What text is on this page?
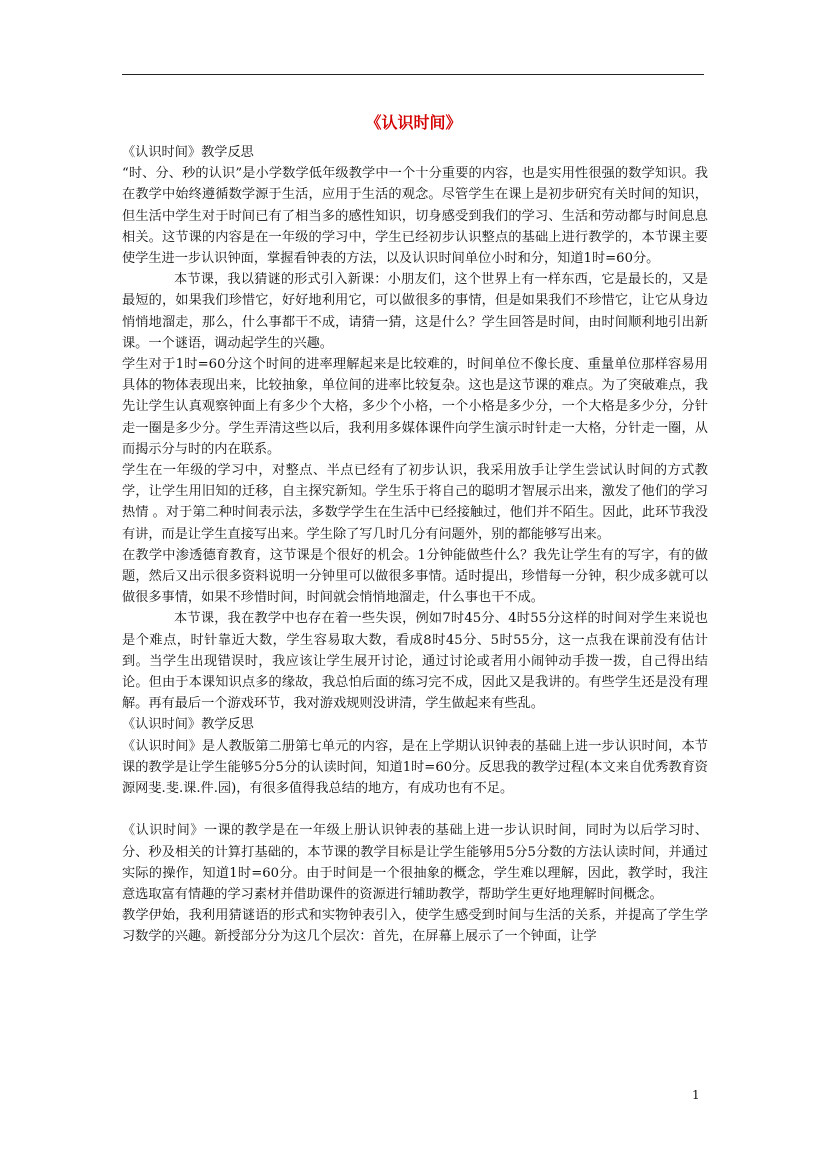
《认识时间》

《认识时间》教学反思

“时、分、秒的认识”是小学数学低年级教学中一个十分重要的内容，也是实用性很强的数学知识。我在教学中始终遵循数学源于生活，应用于生活的观念。尽管学生在课上是初步研究有关时间的知识，但生活中学生对于时间已有了相当多的感性知识，切身感受到我们的学习、生活和劳动都与时间息息相关。这节课的内容是在一年级的学习中，学生已经初步认识整点的基础上进行教学的，本节课主要使学生进一步认识钟面，掌握看钟表的方法，以及认识时间单位小时和分，知道1时=60分。

本节课，我以猜谜的形式引入新课：小朋友们，这个世界上有一样东西，它是最长的，又是最短的，如果我们珍惜它，好好地利用它，可以做很多的事情，但是如果我们不珍惜它，让它从身边悄悄地溜走，那么，什么事都干不成，请猜一猜，这是什么？学生回答是时间，由时间顺利地引出新课。一个谜语，调动起学生的兴趣。

学生对于1时=60分这个时间的进率理解起来是比较难的，时间单位不像长度、重量单位那样容易用具体的物体表现出来，比较抽象，单位间的进率比较复杂。这也是这节课的难点。为了突破难点，我先让学生认真观察钟面上有多少个大格，多少个小格，一个小格是多少分，一个大格是多少分，分针走一圈是多少分。学生弄清这些以后，我利用多媒体课件向学生演示时针走一大格，分针走一圈，从而揭示分与时的内在联系。

学生在一年级的学习中，对整点、半点已经有了初步认识，我采用放手让学生尝试认时间的方式教学，让学生用旧知的迁移，自主探究新知。学生乐于将自己的聪明才智展示出来，激发了他们的学习热情 。对于第二种时间表示法，多数学学生在生活中已经接触过，他们并不陌生。因此，此环节我没有讲，而是让学生直接写出来。学生除了写几时几分有问题外，别的都能够写出来。

在教学中渗透德育教育，这节课是个很好的机会。1分钟能做些什么？我先让学生有的写字，有的做题，然后又出示很多资料说明一分钟里可以做很多事情。适时提出，珍惜每一分钟，积少成多就可以做很多事情，如果不珍惜时间，时间就会悄悄地溜走，什么事也干不成。

本节课，我在教学中也存在着一些失误，例如7时45分、4时55分这样的时间对学生来说也是个难点，时针靠近大数，学生容易取大数，看成8时45分、5时55分，这一点我在课前没有估计到。当学生出现错误时，我应该让学生展开讨论，通过讨论或者用小闹钟动手拨一拨，自己得出结论。但由于本课知识点多的缘故，我总怕后面的练习完不成，因此又是我讲的。有些学生还是没有理解。再有最后一个游戏环节，我对游戏规则没讲清，学生做起来有些乱。

《认识时间》教学反思

《认识时间》是人教版第二册第七单元的内容，是在上学期认识钟表的基础上进一步认识时间，本节课的教学是让学生能够5分5分的认读时间，知道1时=60分。反思我的教学过程(本文来自优秀教育资源网斐.斐.课.件.园)，有很多值得我总结的地方，有成功也有不足。

《认识时间》一课的教学是在一年级上册认识钟表的基础上进一步认识时间，同时为以后学习时、分、秒及相关的计算打基础的，本节课的教学目标是让学生能够用5分5分数的方法认读时间，并通过实际的操作，知道1时=60分。由于时间是一个很抽象的概念，学生难以理解，因此，教学时，我注意选取富有情趣的学习素材并借助课件的资源进行辅助教学，帮助学生更好地理解时间概念。

教学伊始，我利用猜谜语的形式和实物钟表引入，使学生感受到时间与生活的关系，并提高了学生学习数学的兴趣。新授部分分为这几个层次：首先，在屏幕上展示了一个钟面，让学

1
